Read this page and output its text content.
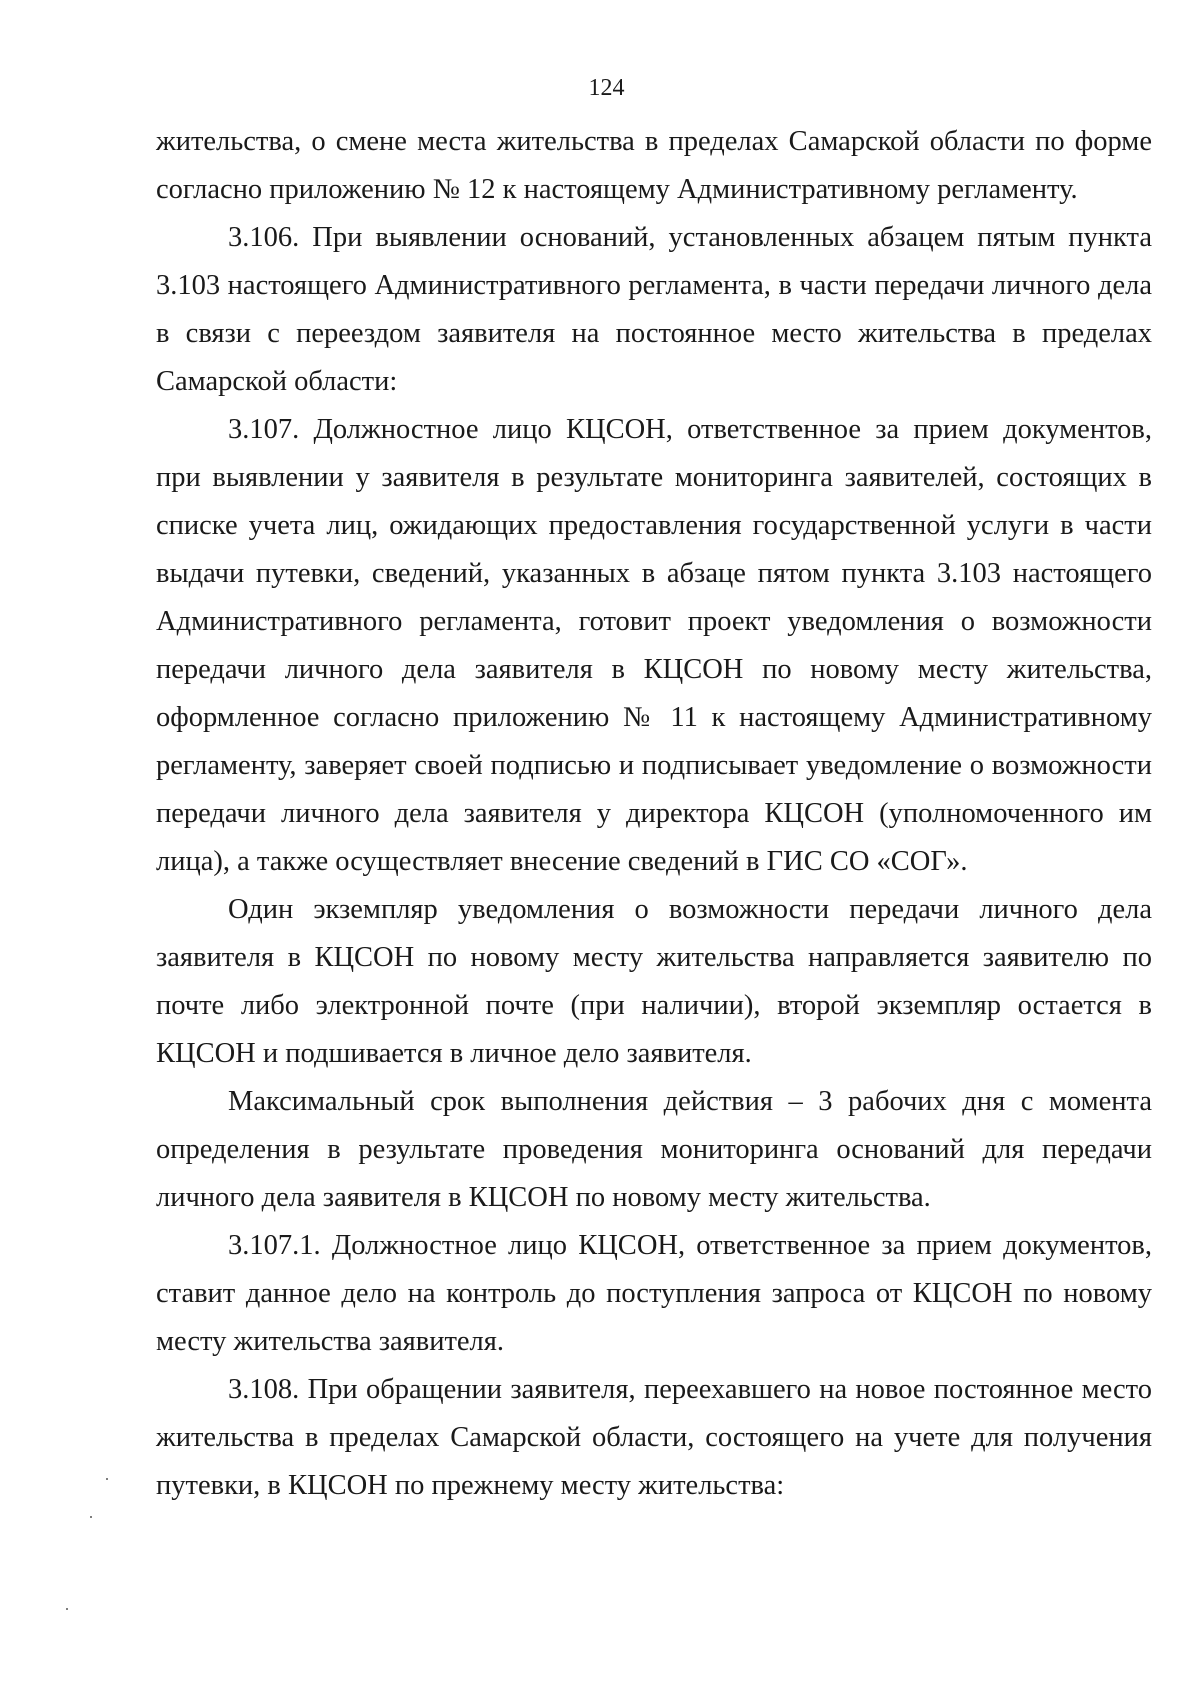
124

жительства, о смене места жительства в пределах Самарской области по форме согласно приложению № 12 к настоящему Административному регламенту.

3.106. При выявлении оснований, установленных абзацем пятым пункта 3.103 настоящего Административного регламента, в части передачи личного дела в связи с переездом заявителя на постоянное место жительства в пределах Самарской области:

3.107. Должностное лицо КЦСОН, ответственное за прием документов, при выявлении у заявителя в результате мониторинга заявителей, состоящих в списке учета лиц, ожидающих предоставления государственной услуги в части выдачи путевки, сведений, указанных в абзаце пятом пункта 3.103 настоящего Административного регламента, готовит проект уведомления о возможности передачи личного дела заявителя в КЦСОН по новому месту жительства, оформленное согласно приложению № 11 к настоящему Административному регламенту, заверяет своей подписью и подписывает уведомление о возможности передачи личного дела заявителя у директора КЦСОН (уполномоченного им лица), а также осуществляет внесение сведений в ГИС СО «СОГ».

Один экземпляр уведомления о возможности передачи личного дела заявителя в КЦСОН по новому месту жительства направляется заявителю по почте либо электронной почте (при наличии), второй экземпляр остается в КЦСОН и подшивается в личное дело заявителя.

Максимальный срок выполнения действия – 3 рабочих дня с момента определения в результате проведения мониторинга оснований для передачи личного дела заявителя в КЦСОН по новому месту жительства.

3.107.1. Должностное лицо КЦСОН, ответственное за прием документов, ставит данное дело на контроль до поступления запроса от КЦСОН по новому месту жительства заявителя.

3.108. При обращении заявителя, переехавшего на новое постоянное место жительства в пределах Самарской области, состоящего на учете для получения путевки, в КЦСОН по прежнему месту жительства:
